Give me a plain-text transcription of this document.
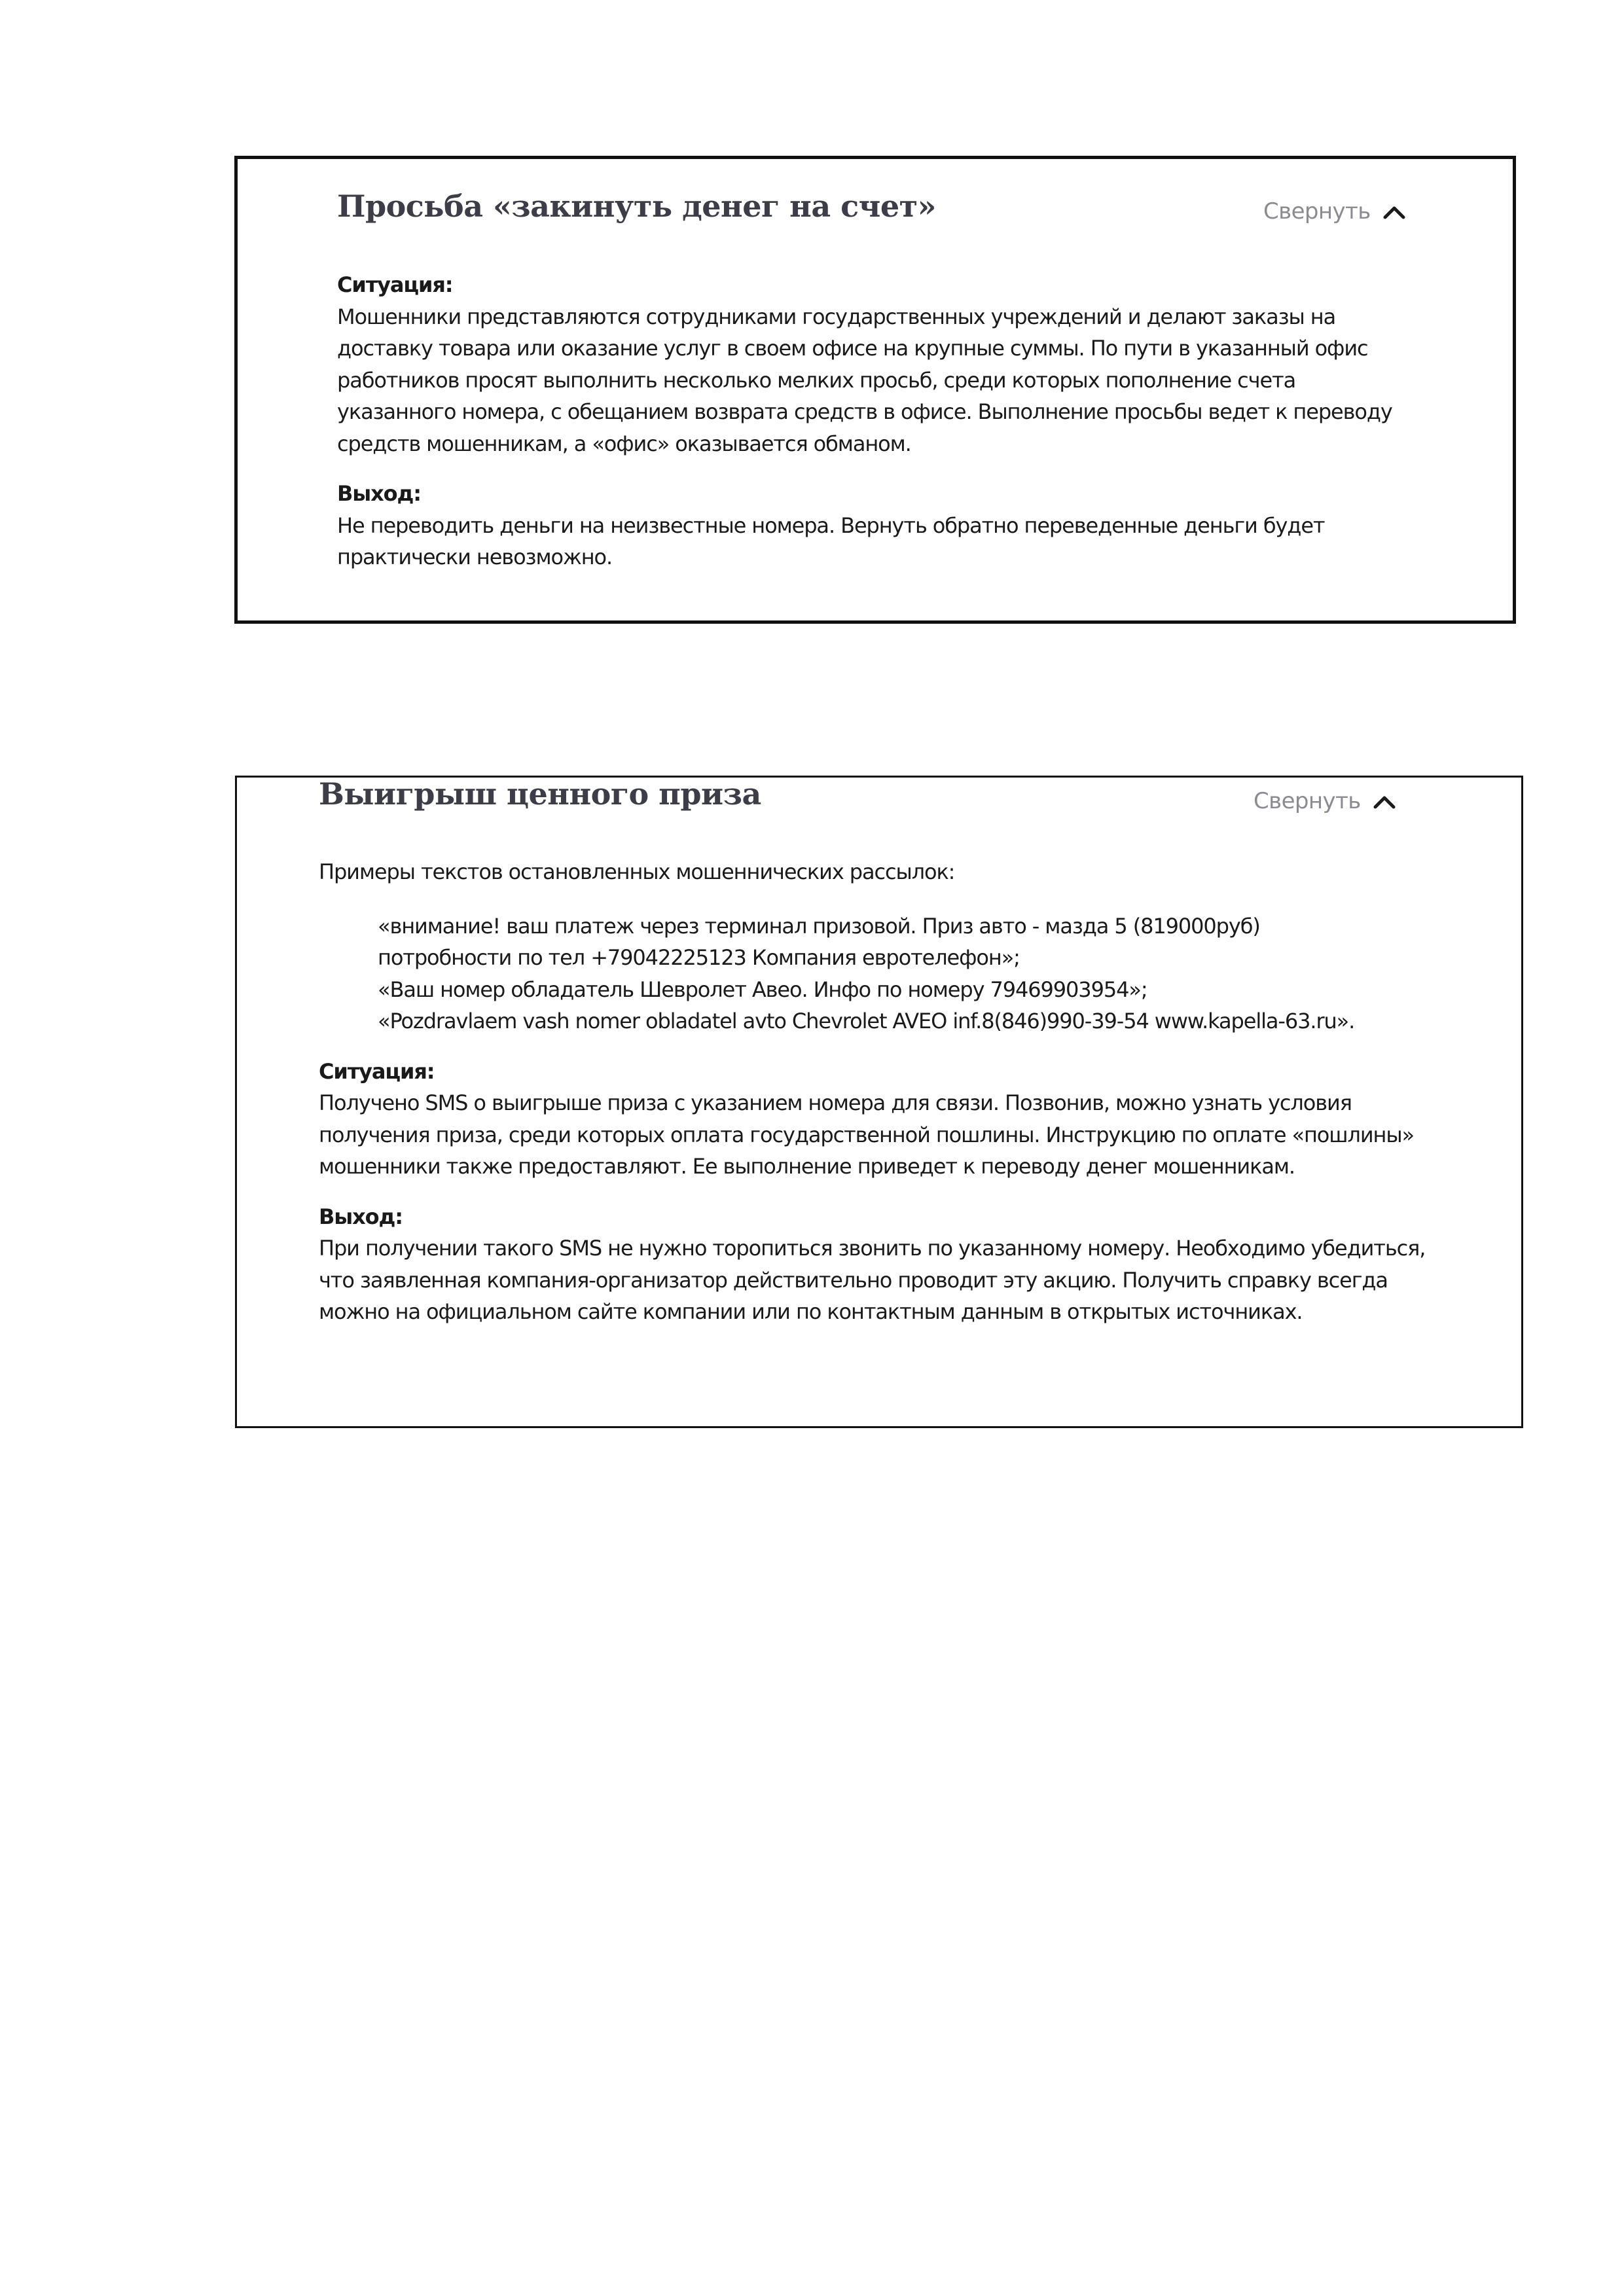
Просьба «закинуть денег на счет»	Свернуть

Ситуация:

Мошенники представляются сотрудниками государственных учреждений и делают заказы на доставку товара или оказание услуг в своем офисе на крупные суммы. По пути в указанный офис работников просят выполнить несколько мелких просьб, среди которых пополнение счета указанного номера, с обещанием возврата средств в офисе. Выполнение просьбы ведет к переводу средств мошенникам, а «офис» оказывается обманом.

Выход:

Не переводить деньги на неизвестные номера. Вернуть обратно переведенные деньги будет практически невозможно.

Выигрыш ценного приза	Свернуть

Примеры текстов остановленных мошеннических рассылок:

«внимание! ваш платеж через терминал призовой. Приз авто - мазда 5 (819000руб)
потробности по тел +79042225123 Компания евротелефон»;
«Ваш номер обладатель Шевролет Авео. Инфо по номеру 79469903954»;
«Pozdravlaem vash nomer obladatel avto Chevrolet AVEO inf.8(846)990-39-54 www.kapella-63.ru».

Ситуация:

Получено SMS о выигрыше приза с указанием номера для связи. Позвонив, можно узнать условия получения приза, среди которых оплата государственной пошлины. Инструкцию по оплате «пошлины» мошенники также предоставляют. Ее выполнение приведет к переводу денег мошенникам.

Выход:

При получении такого SMS не нужно торопиться звонить по указанному номеру. Необходимо убедиться, что заявленная компания-организатор действительно проводит эту акцию. Получить справку всегда можно на официальном сайте компании или по контактным данным в открытых источниках.
